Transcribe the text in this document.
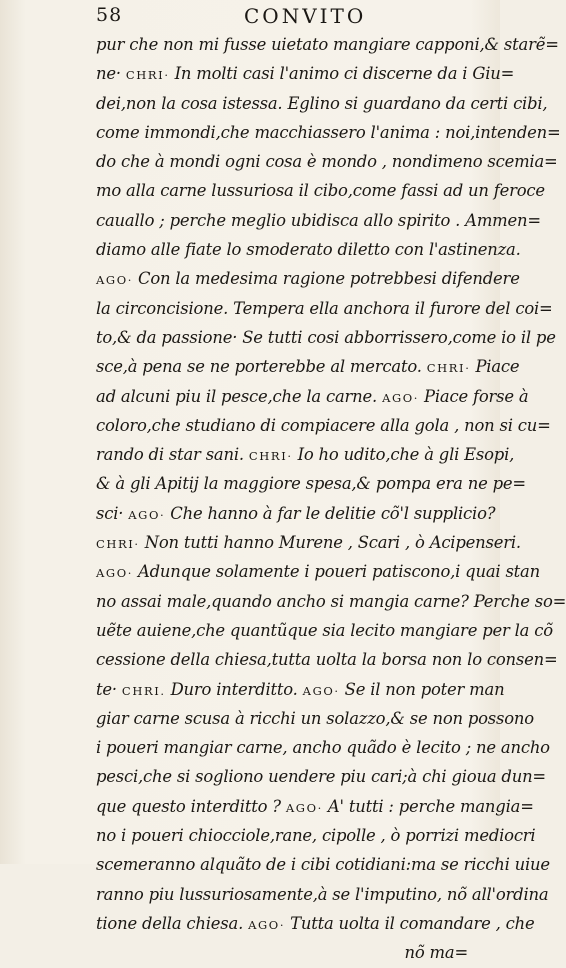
58	CONVITO
pur che non mi fusse uietato mangiare capponi,& starẽ=
ne· CHRI· In molti casi l'animo ci discerne da i Giu=
dei,non la cosa istessa. Eglino si guardano da certi cibi,
come immondi,che macchiassero l'anima : noi,intenden=
do che à mondi ogni cosa è mondo , nondimeno scemia=
mo alla carne lussuriosa il cibo,come fassi ad un feroce
cauallo ; perche meglio ubidisca allo spirito . Ammen=
diamo alle fiate lo smoderato diletto con l'astinenza.
AGO· Con la medesima ragione potrebbesi difendere
la circoncisione. Tempera ella anchora il furore del coi=
to,& da passione· Se tutti cosi abborrissero,come io il pe
sce,à pena se ne porterebbe al mercato. CHRI· Piace
ad alcuni piu il pesce,che la carne. AGO· Piace forse à
coloro,che studiano di compiacere alla gola , non si cu=
rando di star sani. CHRI· Io ho udito,che à gli Esopi,
& à gli Apitij la maggiore spesa,& pompa era ne pe=
sci· AGO· Che hanno à far le delitie cõ'l supplicio?
CHRI· Non tutti hanno Murene , Scari , ò Acipenseri.
AGO· Adunque solamente i poueri patiscono,i quai stan
no assai male,quando ancho si mangia carne? Perche so=
uẽte auiene,che quantũque sia lecito mangiare per la cõ
cessione della chiesa,tutta uolta la borsa non lo consen=
te· CHRI. Duro interditto. AGO· Se il non poter man
giar carne scusa à ricchi un solazzo,& se non possono
i poueri mangiar carne, ancho quãdo è lecito ; ne ancho
pesci,che si sogliono uendere piu cari;à chi gioua dun=
que questo interditto ? AGO· A' tutti : perche mangia=
no i poueri chiocciole,rane, cipolle , ò porrizi mediocri
scemeranno alquãto de i cibi cotidiani:ma se ricchi uiue
ranno piu lussuriosamente,à se l'imputino, nõ all'ordina
tione della chiesa. AGO· Tutta uolta il comandare , che
nõ ma=
